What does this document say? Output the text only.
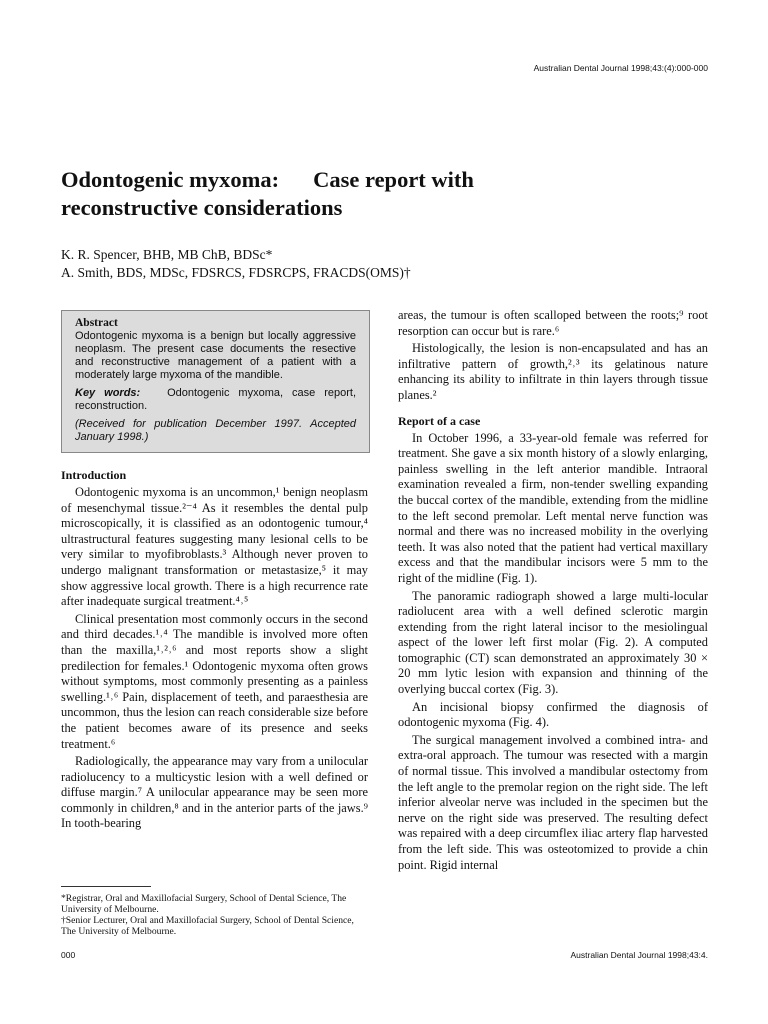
Australian Dental Journal 1998;43:(4):000-000
Odontogenic myxoma: Case report with
reconstructive considerations
K. R. Spencer, BHB, MB ChB, BDSc*
A. Smith, BDS, MDSc, FDSRCS, FDSRCPS, FRACDS(OMS)†
Abstract

Odontogenic myxoma is a benign but locally aggressive neoplasm. The present case documents the resective and reconstructive management of a patient with a moderately large myxoma of the mandible.

Key words: Odontogenic myxoma, case report, reconstruction.

(Received for publication December 1997. Accepted January 1998.)

Introduction

Odontogenic myxoma is an uncommon,¹ benign neoplasm of mesenchymal tissue.²⁻⁴ As it resembles the dental pulp microscopically, it is classified as an odontogenic tumour,⁴ ultrastructural features suggesting many lesional cells to be very similar to myofibroblasts.³ Although never proven to undergo malignant transformation or metastasize,⁵ it may show aggressive local growth. There is a high recurrence rate after inadequate surgical treatment.⁴˒⁵

Clinical presentation most commonly occurs in the second and third decades.¹˒⁴ The mandible is involved more often than the maxilla,¹˒²˒⁶ and most reports show a slight predilection for females.¹ Odontogenic myxoma often grows without symptoms, most commonly presenting as a painless swelling.¹˒⁶ Pain, displacement of teeth, and paraesthesia are uncommon, thus the lesion can reach considerable size before the patient becomes aware of its presence and seeks treatment.⁶

Radiologically, the appearance may vary from a unilocular radiolucency to a multicystic lesion with a well defined or diffuse margin.⁷ A unilocular appearance may be seen more commonly in children,⁸ and in the anterior parts of the jaws.⁹ In tooth-bearing

areas, the tumour is often scalloped between the roots;⁹ root resorption can occur but is rare.⁶

Histologically, the lesion is non-encapsulated and has an infiltrative pattern of growth,²˒³ its gelatinous nature enhancing its ability to infiltrate in thin layers through tissue planes.²

Report of a case

In October 1996, a 33-year-old female was referred for treatment. She gave a six month history of a slowly enlarging, painless swelling in the left anterior mandible. Intraoral examination revealed a firm, non-tender swelling expanding the buccal cortex of the mandible, extending from the midline to the left second premolar. Left mental nerve function was normal and there was no increased mobility in the overlying teeth. It was also noted that the patient had vertical maxillary excess and that the mandibular incisors were 5 mm to the right of the midline (Fig. 1).

The panoramic radiograph showed a large multi-locular radiolucent area with a well defined sclerotic margin extending from the right lateral incisor to the mesiolingual aspect of the lower left first molar (Fig. 2). A computed tomographic (CT) scan demonstrated an approximately 30 × 20 mm lytic lesion with expansion and thinning of the overlying buccal cortex (Fig. 3).

An incisional biopsy confirmed the diagnosis of odontogenic myxoma (Fig. 4).

The surgical management involved a combined intra- and extra-oral approach. The tumour was resected with a margin of normal tissue. This involved a mandibular ostectomy from the left angle to the premolar region on the right side. The left inferior alveolar nerve was included in the specimen but the nerve on the right side was preserved. The resulting defect was repaired with a deep circumflex iliac artery flap harvested from the left side. This was osteotomized to provide a chin point. Rigid internal

*Registrar, Oral and Maxillofacial Surgery, School of Dental Science, The University of Melbourne.

†Senior Lecturer, Oral and Maxillofacial Surgery, School of Dental Science, The University of Melbourne.

000	Australian Dental Journal 1998;43:4.
